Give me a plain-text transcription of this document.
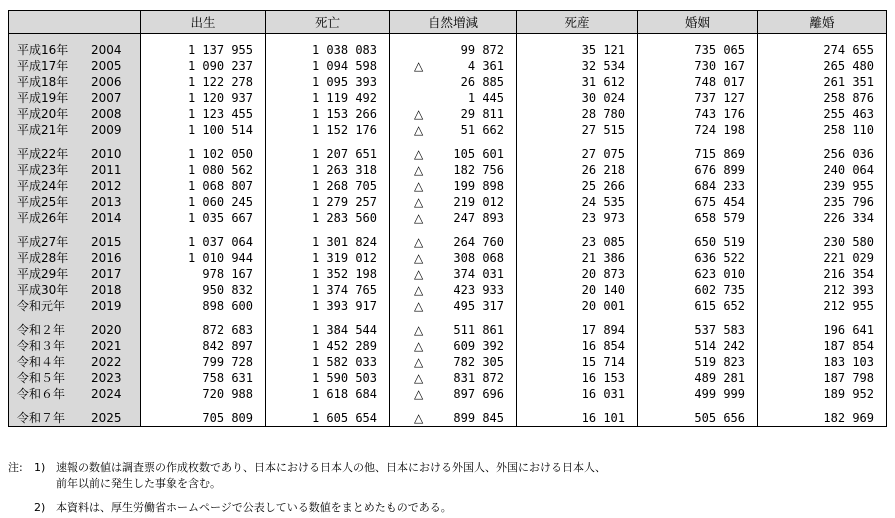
	出生	死亡	自然増減	死産	婚姻	離婚

平成16年 2004	1 137 955	1 038 083	99 872	35 121	735 065	274 655
平成17年 2005	1 090 237	1 094 598	△ 4 361	32 534	730 167	265 480
平成18年 2006	1 122 278	1 095 393	26 885	31 612	748 017	261 351
平成19年 2007	1 120 937	1 119 492	1 445	30 024	737 127	258 876
平成20年 2008	1 123 455	1 153 266	△ 29 811	28 780	743 176	255 463
平成21年 2009	1 100 514	1 152 176	△ 51 662	27 515	724 198	258 110

平成22年 2010	1 102 050	1 207 651	△ 105 601	27 075	715 869	256 036
平成23年 2011	1 080 562	1 263 318	△ 182 756	26 218	676 899	240 064
平成24年 2012	1 068 807	1 268 705	△ 199 898	25 266	684 233	239 955
平成25年 2013	1 060 245	1 279 257	△ 219 012	24 535	675 454	235 796
平成26年 2014	1 035 667	1 283 560	△ 247 893	23 973	658 579	226 334

平成27年 2015	1 037 064	1 301 824	△ 264 760	23 085	650 519	230 580
平成28年 2016	1 010 944	1 319 012	△ 308 068	21 386	636 522	221 029
平成29年 2017	978 167	1 352 198	△ 374 031	20 873	623 010	216 354
平成30年 2018	950 832	1 374 765	△ 423 933	20 140	602 735	212 393
令和元年 2019	898 600	1 393 917	△ 495 317	20 001	615 652	212 955

令和２年 2020	872 683	1 384 544	△ 511 861	17 894	537 583	196 641
令和３年 2021	842 897	1 452 289	△ 609 392	16 854	514 242	187 854
令和４年 2022	799 728	1 582 033	△ 782 305	15 714	519 823	183 103
令和５年 2023	758 631	1 590 503	△ 831 872	16 153	489 281	187 798
令和６年 2024	720 988	1 618 684	△ 897 696	16 031	499 999	189 952

令和７年 2025	705 809	1 605 654	△ 899 845	16 101	505 656	182 969
注:	1) 速報の数値は調査票の作成枚数であり、日本における日本人の他、日本における外国人、外国における日本人、
前年以前に発生した事象を含む。
2) 本資料は、厚生労働省ホームページで公表している数値をまとめたものである。
